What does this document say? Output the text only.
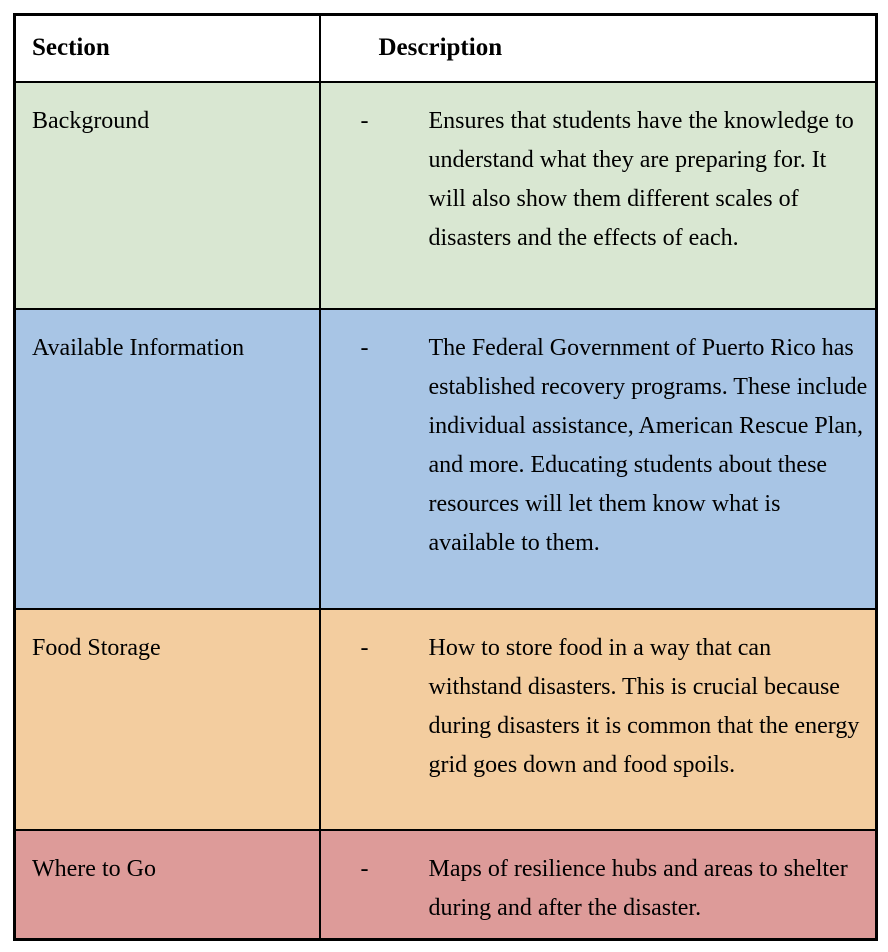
Section	Description
Background	- Ensures that students have the knowledge to understand what they are preparing for. It will also show them different scales of disasters and the effects of each.

Available Information	- The Federal Government of Puerto Rico has established recovery programs. These include individual assistance, American Rescue Plan, and more. Educating students about these resources will let them know what is available to them.

Food Storage	- How to store food in a way that can withstand disasters. This is crucial because during disasters it is common that the energy grid goes down and food spoils.

Where to Go	- Maps of resilience hubs and areas to shelter during and after the disaster.
